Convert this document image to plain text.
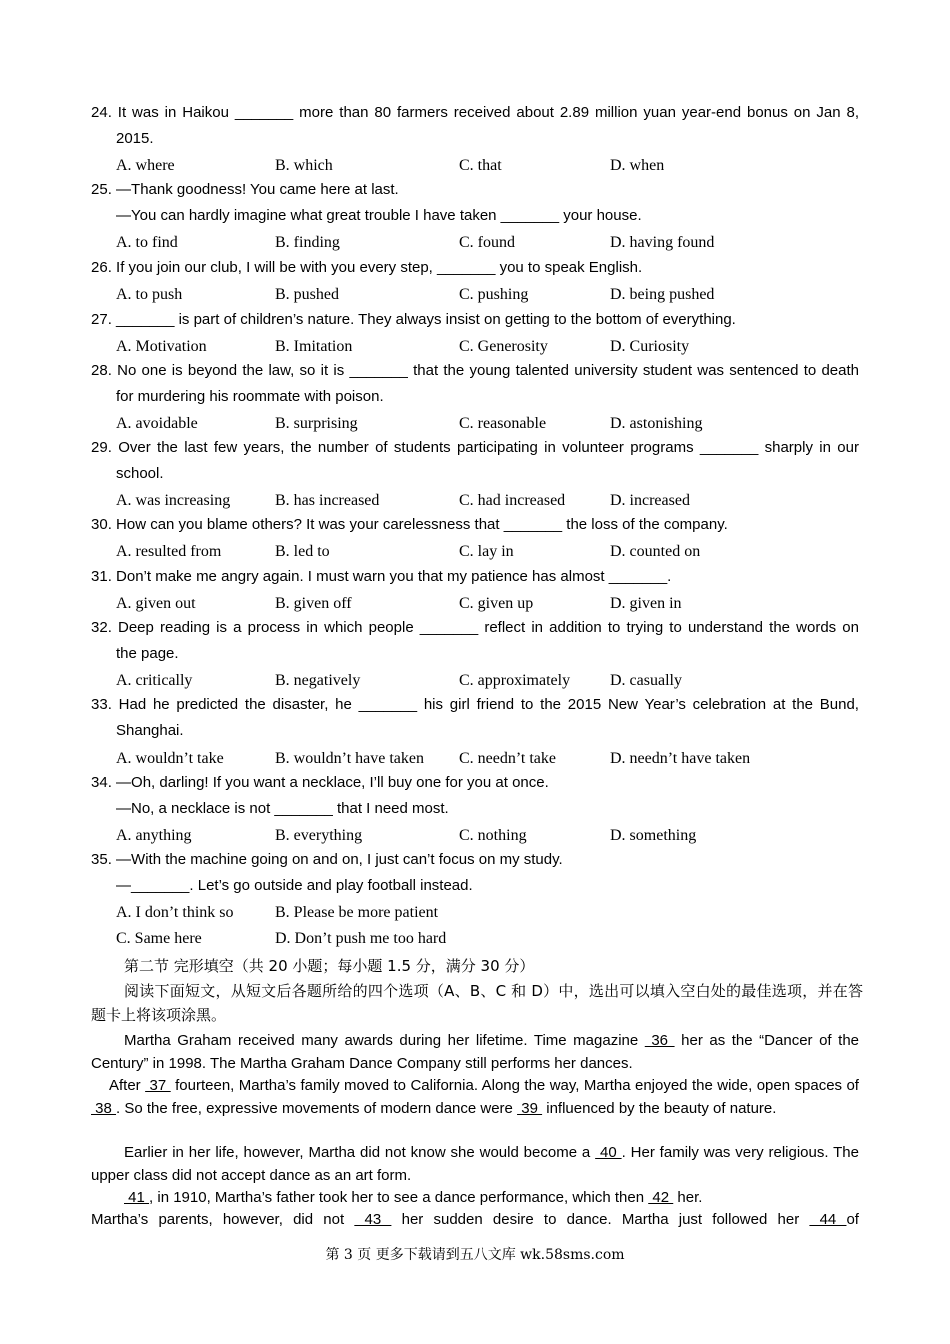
24. It was in Haikou _______ more than 80 farmers received about 2.89 million yuan year-end bonus on Jan 8,
2015.
A. where	B. which	C. that	D. when
25. —Thank goodness! You came here at last.
—You can hardly imagine what great trouble I have taken _______ your house.
A. to find	B. finding	C. found	D. having found
26. If you join our club, I will be with you every step, _______ you to speak English.
A. to push	B. pushed	C. pushing	D. being pushed
27. _______ is part of children’s nature. They always insist on getting to the bottom of everything.
A. Motivation	B. Imitation	C. Generosity	D. Curiosity
28. No one is beyond the law, so it is _______ that the young talented university student was sentenced to death
for murdering his roommate with poison.
A. avoidable	B. surprising	C. reasonable	D. astonishing
29. Over the last few years, the number of students participating in volunteer programs _______ sharply in our
school.
A. was increasing	B. has increased	C. had increased	D. increased
30. How can you blame others? It was your carelessness that _______ the loss of the company.
A. resulted from	B. led to	C. lay in	D. counted on
31. Don’t make me angry again. I must warn you that my patience has almost _______.
A. given out	B. given off	C. given up	D. given in
32. Deep reading is a process in which people _______ reflect in addition to trying to understand the words on
the page.
A. critically	B. negatively	C. approximately D. casually
33. Had he predicted the disaster, he _______ his girl friend to the 2015 New Year’s celebration at the Bund,
Shanghai.
A. wouldn’t take	B. wouldn’t have taken C. needn’t take	D. needn’t have taken
34. —Oh, darling! If you want a necklace, I’ll buy one for you at once.
—No, a necklace is not _______ that I need most.
A. anything	B. everything	C. nothing	D. something
35. —With the machine going on and on, I just can’t focus on my study.
—_______. Let’s go outside and play football instead.
A. I don’t think so	B. Please be more patient
C. Same here	D. Don’t push me too hard
第二节 完形填空（共 20 小题；每小题 1.5 分，满分 30 分）
阅读下面短文，从短文后各题所给的四个选项（A、B、C 和 D）中，选出可以填入空白处的最佳选项，并在答题卡上将该项涂黑。
Martha Graham received many awards during her lifetime. Time magazine  36  her as the “Dancer of the Century” in 1998. The Martha Graham Dance Company still performs her dances.
After  37  fourteen, Martha’s family moved to California. Along the way, Martha enjoyed the wide, open spaces of  38 . So the free, expressive movements of modern dance were  39  influenced by the beauty of nature.
Earlier in her life, however, Martha did not know she would become a  40 . Her family was very religious. The upper class did not accept dance as an art form.
41 , in 1910, Martha’s father took her to see a dance performance, which then  42  her.
Martha’s parents, however, did not  43  her sudden desire to dance. Martha just followed her  44 of
第 3 页 更多下载请到五八文库 wk.58sms.com
